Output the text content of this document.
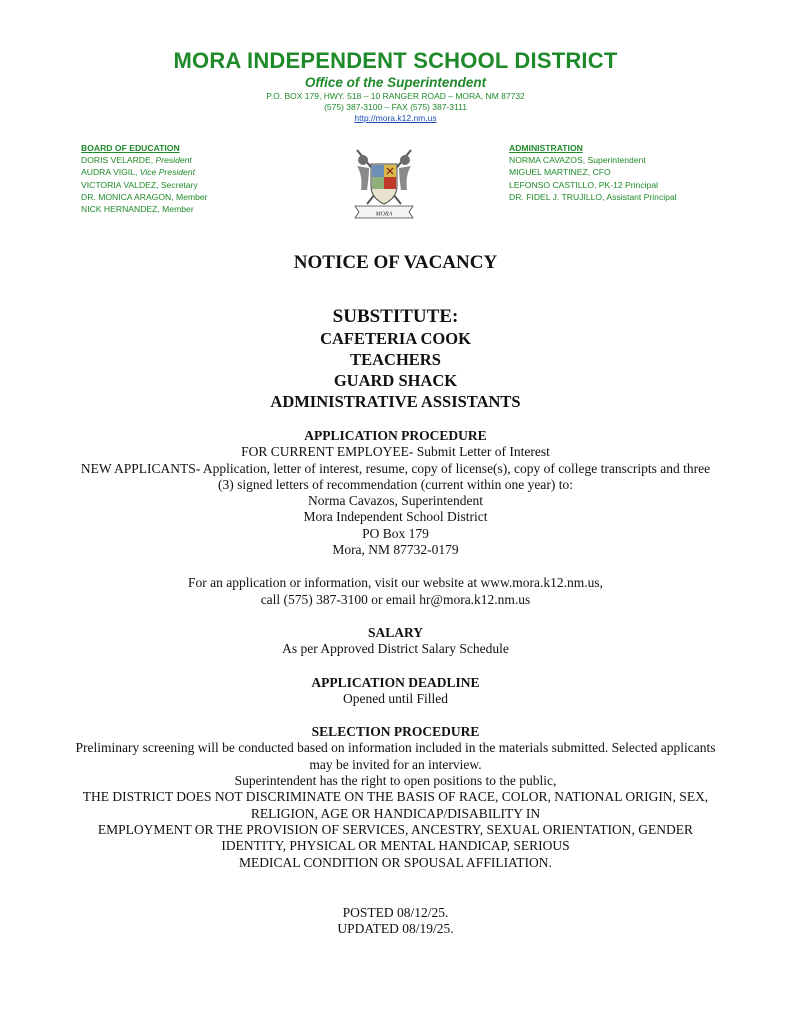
MORA INDEPENDENT SCHOOL DISTRICT
Office of the Superintendent
P.O. BOX 179, HWY. 518 – 10 RANGER ROAD – MORA, NM 87732
(575) 387-3100 – FAX (575) 387-3111
http://mora.k12.nm.us
BOARD OF EDUCATION
DORIS VELARDE, President
AUDRA VIGIL, Vice President
VICTORIA VALDEZ, Secretary
DR. MONICA ARAGON, Member
NICK HERNANDEZ, Member
MORA
ADMINISTRATION
NORMA CAVAZOS, Superintendent
MIGUEL MARTINEZ, CFO
LEFONSO CASTILLO, PK-12 Principal
DR. FIDEL J. TRUJILLO, Assistant Principal
NOTICE OF VACANCY
SUBSTITUTE:
CAFETERIA COOK
TEACHERS
GUARD SHACK
ADMINISTRATIVE ASSISTANTS
APPLICATION PROCEDURE
FOR CURRENT EMPLOYEE- Submit Letter of Interest
NEW APPLICANTS- Application, letter of interest, resume, copy of license(s), copy of college transcripts and three
(3) signed letters of recommendation (current within one year) to:
Norma Cavazos, Superintendent
Mora Independent School District
PO Box 179
Mora, NM 87732-0179
For an application or information, visit our website at www.mora.k12.nm.us,
call (575) 387-3100 or email hr@mora.k12.nm.us
SALARY
As per Approved District Salary Schedule
APPLICATION DEADLINE
Opened until Filled
SELECTION PROCEDURE
Preliminary screening will be conducted based on information included in the materials submitted. Selected applicants
may be invited for an interview.
Superintendent has the right to open positions to the public,
THE DISTRICT DOES NOT DISCRIMINATE ON THE BASIS OF RACE, COLOR, NATIONAL ORIGIN, SEX,
RELIGION, AGE OR HANDICAP/DISABILITY IN
EMPLOYMENT OR THE PROVISION OF SERVICES, ANCESTRY, SEXUAL ORIENTATION, GENDER
IDENTITY, PHYSICAL OR MENTAL HANDICAP, SERIOUS
MEDICAL CONDITION OR SPOUSAL AFFILIATION.
POSTED 08/12/25.
UPDATED 08/19/25.
